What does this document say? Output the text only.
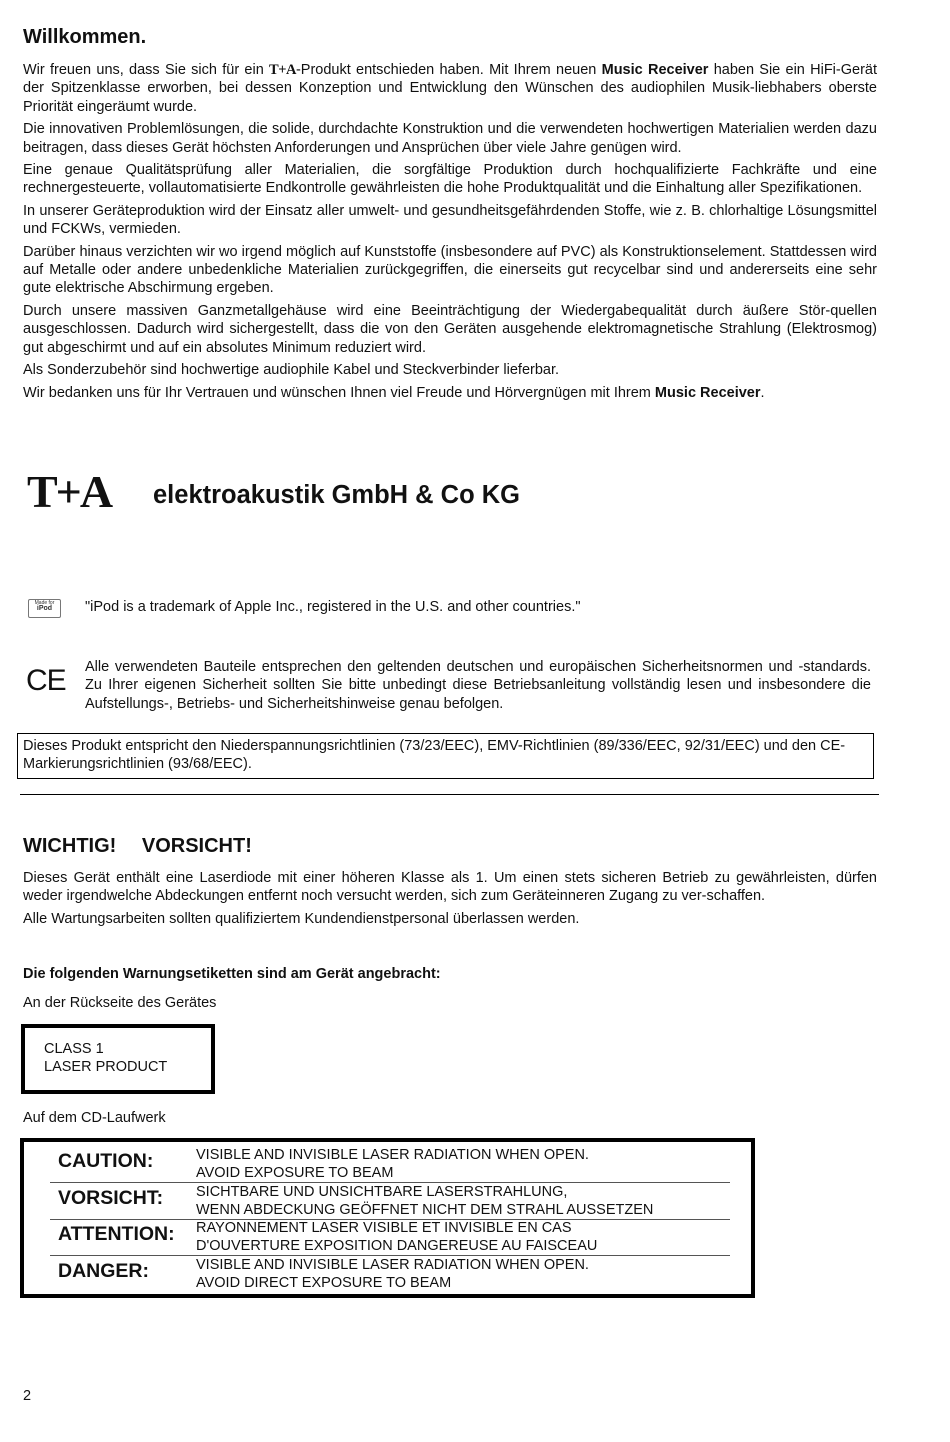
Willkommen.

Wir freuen uns, dass Sie sich für ein T+A-Produkt entschieden haben. Mit Ihrem neuen Music Receiver haben Sie ein HiFi-Gerät der Spitzenklasse erworben, bei dessen Konzeption und Entwicklung den Wünschen des audiophilen Musik-liebhabers oberste Priorität eingeräumt wurde.

Die innovativen Problemlösungen, die solide, durchdachte Konstruktion und die verwendeten hochwertigen Materialien werden dazu beitragen, dass dieses Gerät höchsten Anforderungen und Ansprüchen über viele Jahre genügen wird.

Eine genaue Qualitätsprüfung aller Materialien, die sorgfältige Produktion durch hochqualifizierte Fachkräfte und eine rechnergesteuerte, vollautomatisierte Endkontrolle gewährleisten die hohe Produktqualität und die Einhaltung aller Spezifikationen.

In unserer Geräteproduktion wird der Einsatz aller umwelt- und gesundheitsgefährdenden Stoffe, wie z. B. chlorhaltige Lösungsmittel und FCKWs, vermieden.

Darüber hinaus verzichten wir wo irgend möglich auf Kunststoffe (insbesondere auf PVC) als Konstruktionselement. Stattdessen wird auf Metalle oder andere unbedenkliche Materialien zurückgegriffen, die einerseits gut recycelbar sind und andererseits eine sehr gute elektrische Abschirmung ergeben.

Durch unsere massiven Ganzmetallgehäuse wird eine Beeinträchtigung der Wiedergabequalität durch äußere Stör-quellen ausgeschlossen. Dadurch wird sichergestellt, dass die von den Geräten ausgehende elektromagnetische Strahlung (Elektrosmog) gut abgeschirmt und auf ein absolutes Minimum reduziert wird.

Als Sonderzubehör sind hochwertige audiophile Kabel und Steckverbinder lieferbar.

Wir bedanken uns für Ihr Vertrauen und wünschen Ihnen viel Freude und Hörvergnügen mit Ihrem Music Receiver.

T+A elektroakustik GmbH & Co KG
Made for
iPod	"iPod is a trademark of Apple Inc., registered in the U.S. and other countries."
CE Alle verwendeten Bauteile entsprechen den geltenden deutschen und europäischen Sicherheitsnormen und -standards. Zu Ihrer eigenen Sicherheit sollten Sie bitte unbedingt diese Betriebsanleitung vollständig lesen und insbesondere die Aufstellungs-, Betriebs- und Sicherheitshinweise genau befolgen.
Dieses Produkt entspricht den Niederspannungsrichtlinien (73/23/EEC), EMV-Richtlinien (89/336/EEC, 92/31/EEC) und den CE-Markierungsrichtlinien (93/68/EEC).
WICHTIG! VORSICHT!

Dieses Gerät enthält eine Laserdiode mit einer höheren Klasse als 1. Um einen stets sicheren Betrieb zu gewährleisten, dürfen weder irgendwelche Abdeckungen entfernt noch versucht werden, sich zum Geräteinneren Zugang zu ver-schaffen.

Alle Wartungsarbeiten sollten qualifiziertem Kundendienstpersonal überlassen werden.

Die folgenden Warnungsetiketten sind am Gerät angebracht:
An der Rückseite des Gerätes
CLASS 1
LASER PRODUCT
Auf dem CD-Laufwerk
CAUTION:	VISIBLE AND INVISIBLE LASER RADIATION WHEN OPEN.
AVOID EXPOSURE TO BEAM
VORSICHT: SICHTBARE UND UNSICHTBARE LASERSTRAHLUNG,
WENN ABDECKUNG GEÖFFNET NICHT DEM STRAHL AUSSETZEN
ATTENTION: RAYONNEMENT LASER VISIBLE ET INVISIBLE EN CAS
D'OUVERTURE EXPOSITION DANGEREUSE AU FAISCEAU
DANGER:	VISIBLE AND INVISIBLE LASER RADIATION WHEN OPEN.
AVOID DIRECT EXPOSURE TO BEAM
2
